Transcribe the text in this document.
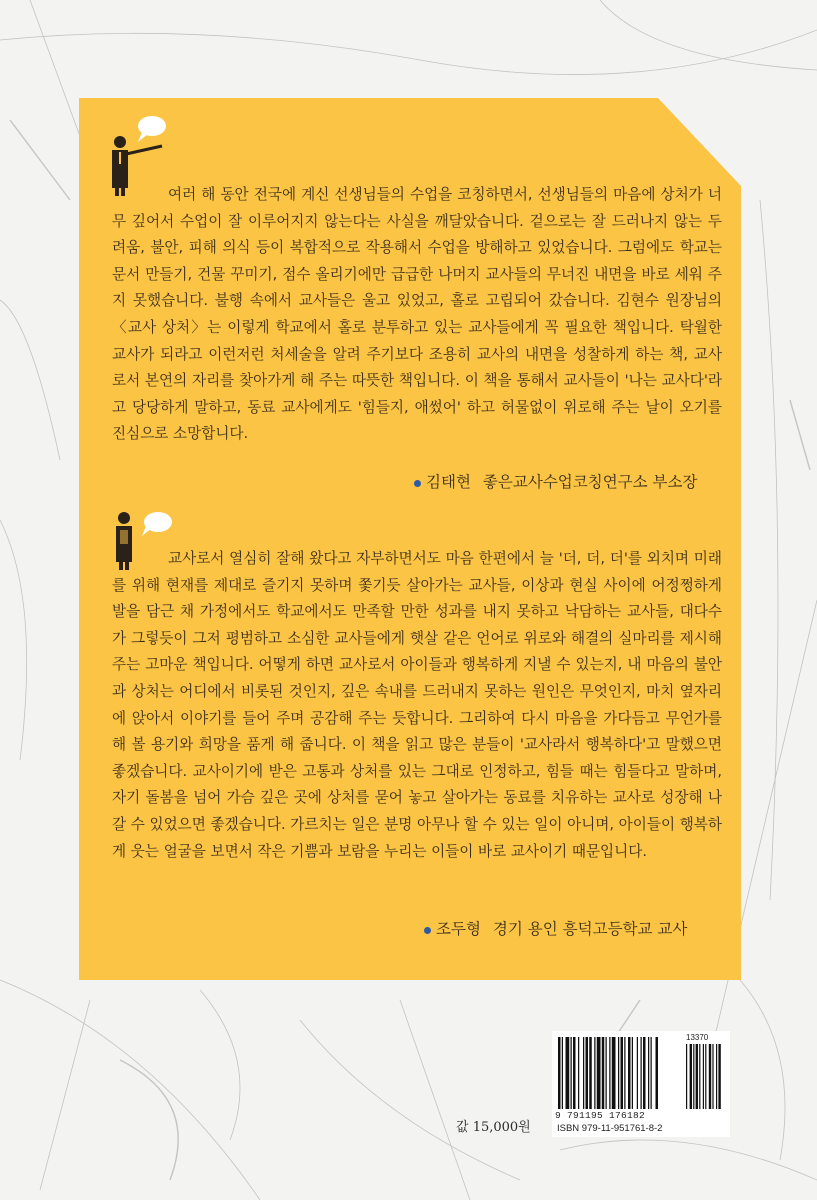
여러 해 동안 전국에 계신 선생님들의 수업을 코칭하면서, 선생님들의 마음에 상처가 너무 깊어서 수업이 잘 이루어지지 않는다는 사실을 깨달았습니다. 겉으로는 잘 드러나지 않는 두려움, 불안, 피해 의식 등이 복합적으로 작용해서 수업을 방해하고 있었습니다. 그럼에도 학교는 문서 만들기, 건물 꾸미기, 점수 올리기에만 급급한 나머지 교사들의 무너진 내면을 바로 세워 주지 못했습니다. 불행 속에서 교사들은 울고 있었고, 홀로 고립되어 갔습니다. 김현수 원장님의 〈교사 상처〉는 이렇게 학교에서 홀로 분투하고 있는 교사들에게 꼭 필요한 책입니다. 탁월한 교사가 되라고 이런저런 처세술을 알려 주기보다 조용히 교사의 내면을 성찰하게 하는 책, 교사로서 본연의 자리를 찾아가게 해 주는 따뜻한 책입니다. 이 책을 통해서 교사들이 '나는 교사다'라고 당당하게 말하고, 동료 교사에게도 '힘들지, 애썼어' 하고 허물없이 위로해 주는 날이 오기를 진심으로 소망합니다.

김태현 좋은교사수업코칭연구소 부소장

교사로서 열심히 잘해 왔다고 자부하면서도 마음 한편에서 늘 '더, 더, 더'를 외치며 미래를 위해 현재를 제대로 즐기지 못하며 쫓기듯 살아가는 교사들, 이상과 현실 사이에 어정쩡하게 발을 담근 채 가정에서도 학교에서도 만족할 만한 성과를 내지 못하고 낙담하는 교사들, 대다수가 그렇듯이 그저 평범하고 소심한 교사들에게 햇살 같은 언어로 위로와 해결의 실마리를 제시해 주는 고마운 책입니다. 어떻게 하면 교사로서 아이들과 행복하게 지낼 수 있는지, 내 마음의 불안과 상처는 어디에서 비롯된 것인지, 깊은 속내를 드러내지 못하는 원인은 무엇인지, 마치 옆자리에 앉아서 이야기를 들어 주며 공감해 주는 듯합니다. 그리하여 다시 마음을 가다듬고 무언가를 해 볼 용기와 희망을 품게 해 줍니다. 이 책을 읽고 많은 분들이 '교사라서 행복하다'고 말했으면 좋겠습니다. 교사이기에 받은 고통과 상처를 있는 그대로 인정하고, 힘들 때는 힘들다고 말하며, 자기 돌봄을 넘어 가슴 깊은 곳에 상처를 묻어 놓고 살아가는 동료를 치유하는 교사로 성장해 나갈 수 있었으면 좋겠습니다. 가르치는 일은 분명 아무나 할 수 있는 일이 아니며, 아이들이 행복하게 웃는 얼굴을 보면서 작은 기쁨과 보람을 누리는 이들이 바로 교사이기 때문입니다.

조두형 경기 용인 흥덕고등학교 교사
13370
9 791195 176182
ISBN 979-11-951761-8-2
값 15,000원
